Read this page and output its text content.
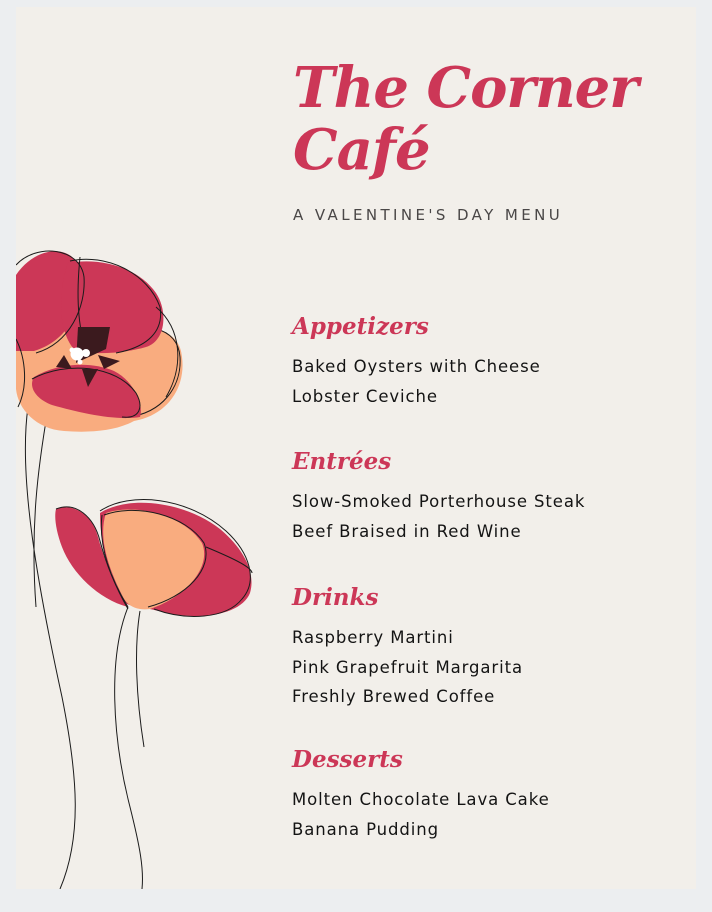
The Corner Café

A VALENTINE'S DAY MENU

Appetizers
Baked Oysters with Cheese
Lobster Ceviche
Entrées
Slow-Smoked Porterhouse Steak
Beef Braised in Red Wine
Drinks
Raspberry Martini
Pink Grapefruit Margarita
Freshly Brewed Coffee
Desserts
Molten Chocolate Lava Cake
Banana Pudding
